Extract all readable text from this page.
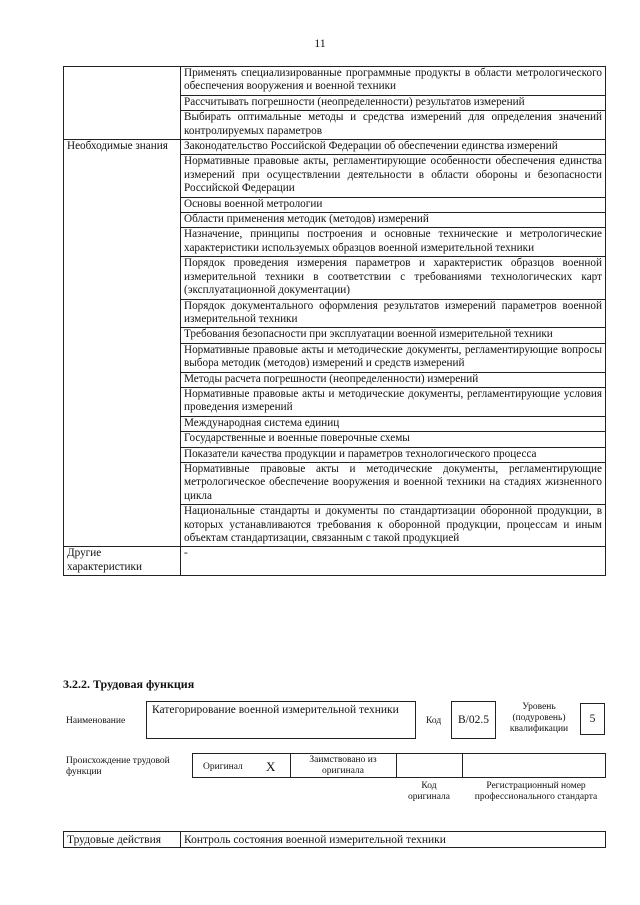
11
	Применять специализированные программные продукты в области метрологического обеспечения вооружения и военной техники
	Рассчитывать погрешности (неопределенности) результатов измерений
	Выбирать оптимальные методы и средства измерений для определения значений контролируемых параметров
Необходимые знания	Законодательство Российской Федерации об обеспечении единства измерений
	Нормативные правовые акты, регламентирующие особенности обеспечения единства измерений при осуществлении деятельности в области обороны и безопасности Российской Федерации
	Основы военной метрологии
	Области применения методик (методов) измерений
	Назначение, принципы построения и основные технические и метрологические характеристики используемых образцов военной измерительной техники
	Порядок проведения измерения параметров и характеристик образцов военной измерительной техники в соответствии с требованиями технологических карт (эксплуатационной документации)
	Порядок документального оформления результатов измерений параметров военной измерительной техники
	Требования безопасности при эксплуатации военной измерительной техники
	Нормативные правовые акты и методические документы, регламентирующие вопросы выбора методик (методов) измерений и средств измерений
	Методы расчета погрешности (неопределенности) измерений
	Нормативные правовые акты и методические документы, регламентирующие условия проведения измерений
	Международная система единиц
	Государственные и военные поверочные схемы
	Показатели качества продукции и параметров технологического процесса
	Нормативные правовые акты и методические документы, регламентирующие метрологическое обеспечение вооружения и военной техники на стадиях жизненного цикла
	Национальные стандарты и документы по стандартизации оборонной продукции, в которых устанавливаются требования к оборонной продукции, процессам и иным объектам стандартизации, связанным с такой продукцией
Другие характеристики	-
3.2.2. Трудовая функция
Наименование
Категорирование военной измерительной техники
Код	B/02.5
Уровень (подуровень) квалификации
5
Происхождение трудовой функции	Оригинал X	Заимствовано из оригинала
Код оригинала
Регистрационный номер профессионального стандарта
Трудовые действия	Контроль состояния военной измерительной техники
